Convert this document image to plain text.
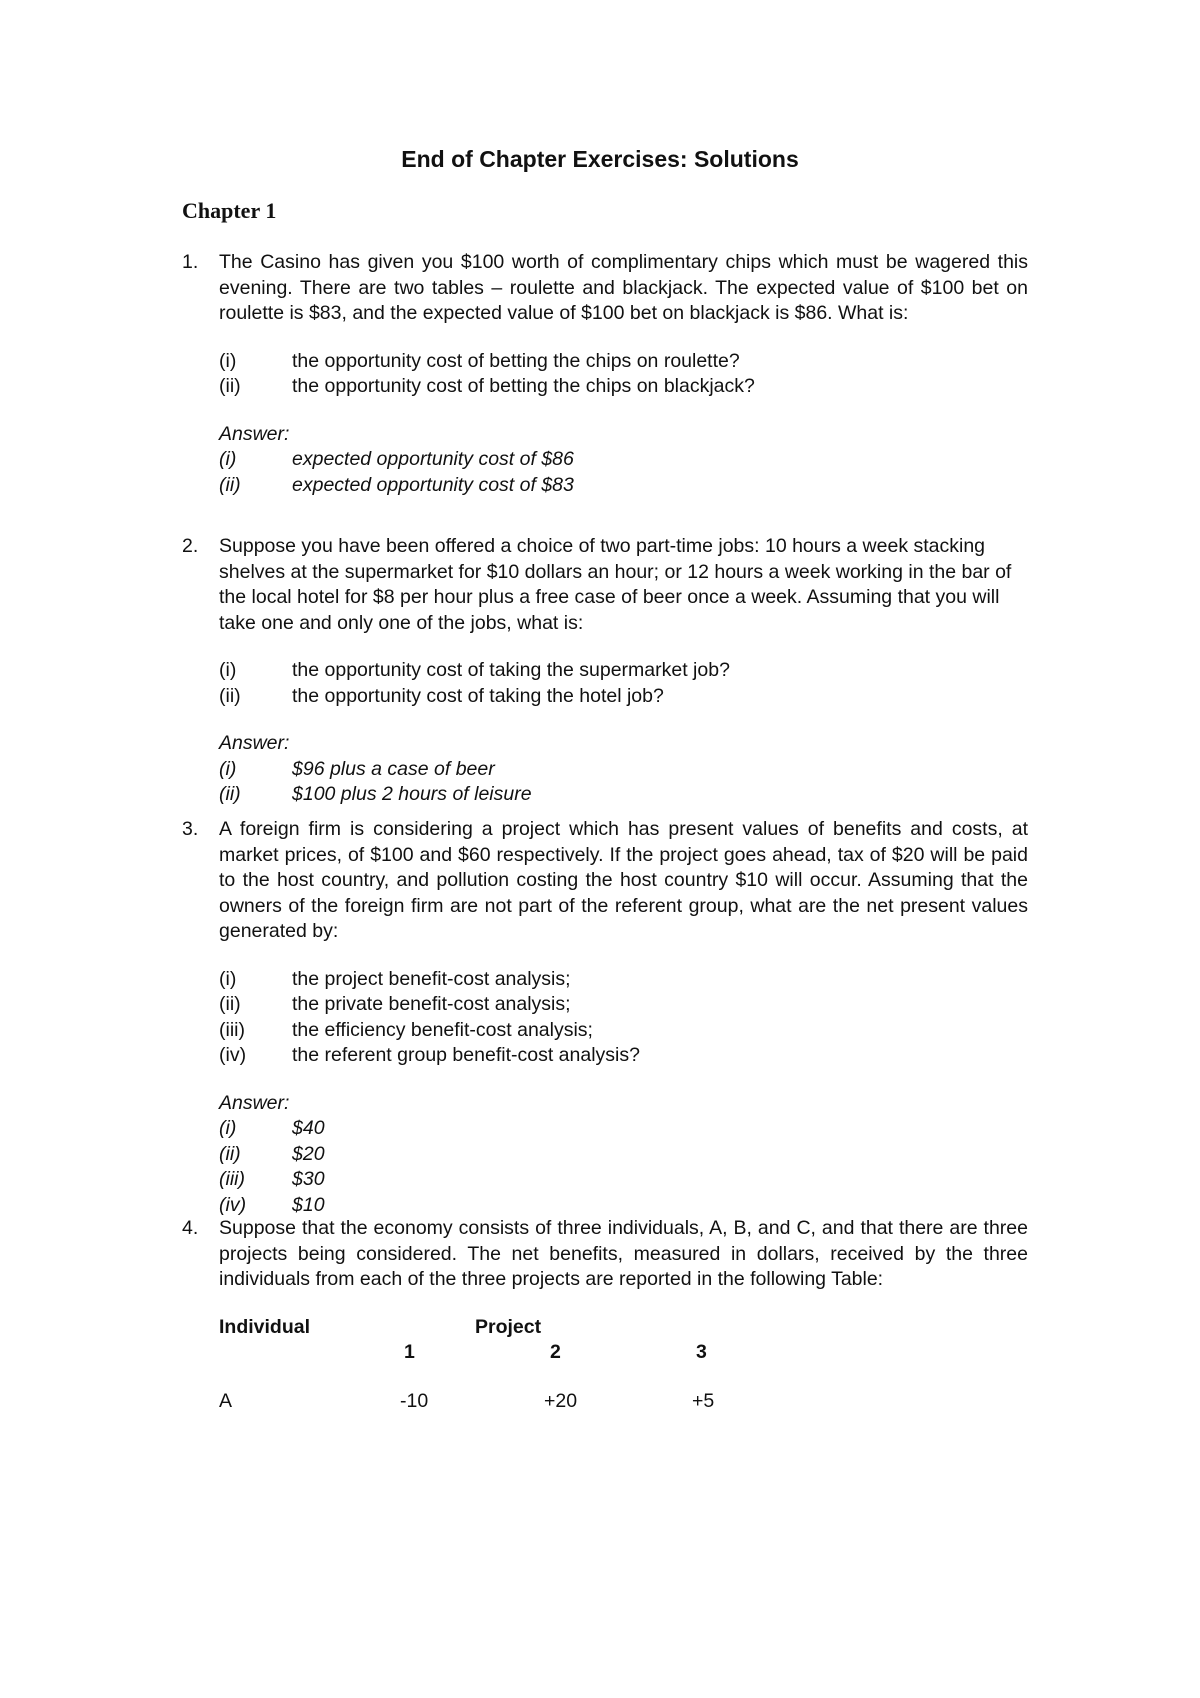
End of Chapter Exercises: Solutions
Chapter 1
1. The Casino has given you $100 worth of complimentary chips which must be wagered this evening. There are two tables – roulette and blackjack. The expected value of $100 bet on roulette is $83, and the expected value of $100 bet on blackjack is $86. What is:
(i)	the opportunity cost of betting the chips on roulette?
(ii)	the opportunity cost of betting the chips on blackjack?
Answer:
(i)	expected opportunity cost of $86
(ii)	expected opportunity cost of $83
2. Suppose you have been offered a choice of two part-time jobs: 10 hours a week stacking shelves at the supermarket for $10 dollars an hour; or 12 hours a week working in the bar of the local hotel for $8 per hour plus a free case of beer once a week. Assuming that you will take one and only one of the jobs, what is:
(i)	the opportunity cost of taking the supermarket job?
(ii)	the opportunity cost of taking the hotel job?
Answer:
(i)	$96 plus a case of beer
(ii)	$100 plus 2 hours of leisure
3. A foreign firm is considering a project which has present values of benefits and costs, at market prices, of $100 and $60 respectively. If the project goes ahead, tax of $20 will be paid to the host country, and pollution costing the host country $10 will occur. Assuming that the owners of the foreign firm are not part of the referent group, what are the net present values generated by:
(i)	the project benefit-cost analysis;
(ii)	the private benefit-cost analysis;
(iii) the efficiency benefit-cost analysis;
(iv) the referent group benefit-cost analysis?
Answer:
(i)	$40
(ii)	$20
(iii) $30
(iv) $10
4. Suppose that the economy consists of three individuals, A, B, and C, and that there are three projects being considered. The net benefits, measured in dollars, received by the three individuals from each of the three projects are reported in the following Table:
Individual	Project
1	2	3
A	-10	+20	+5
